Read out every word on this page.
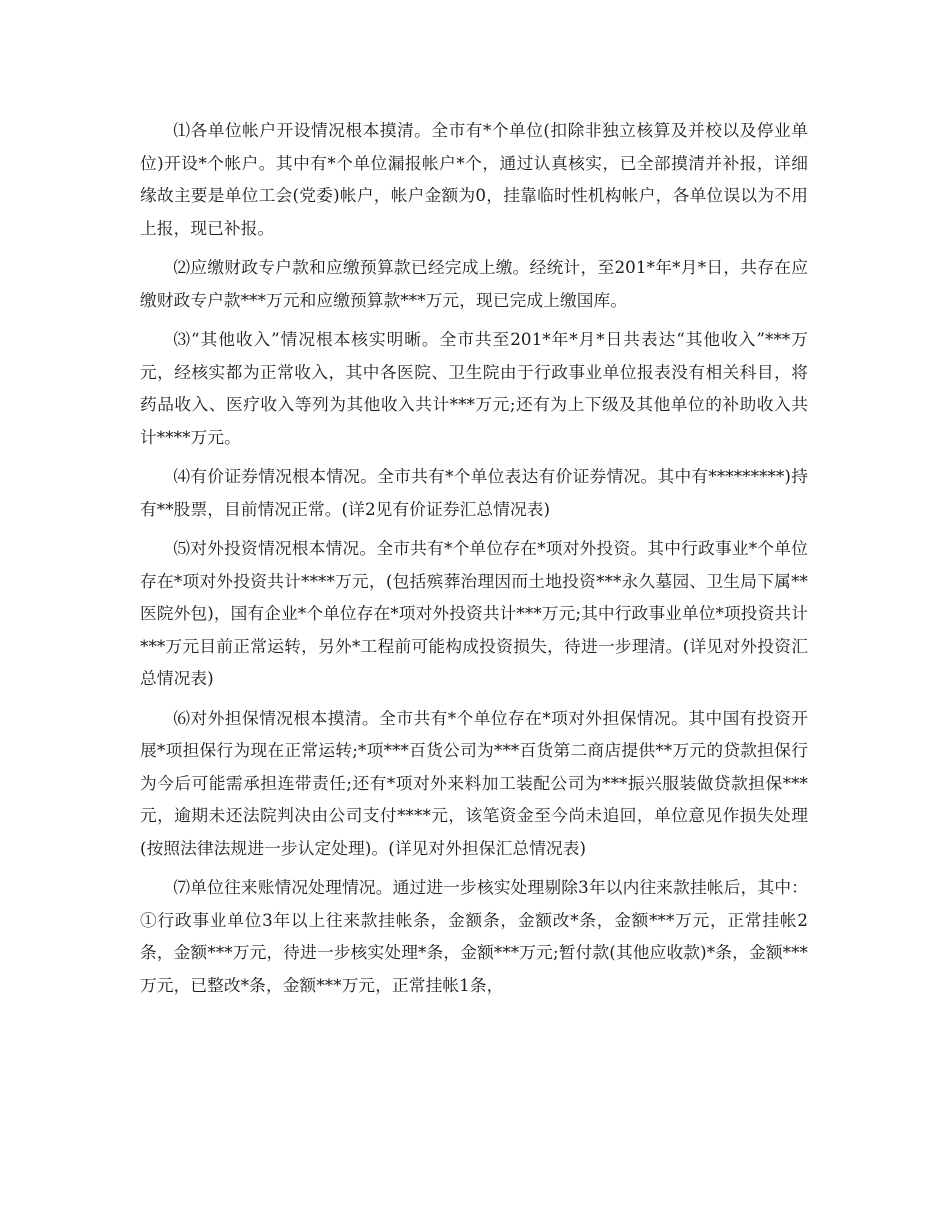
⑴各单位帐户开设情况根本摸清。全市有*个单位(扣除非独立核算及并校以及停业单位)开设*个帐户。其中有*个单位漏报帐户*个，通过认真核实，已全部摸清并补报，详细缘故主要是单位工会(党委)帐户，帐户金额为0，挂靠临时性机构帐户，各单位误以为不用上报，现已补报。

⑵应缴财政专户款和应缴预算款已经完成上缴。经统计，至201*年*月*日，共存在应缴财政专户款***万元和应缴预算款***万元，现已完成上缴国库。

⑶“其他收入”情况根本核实明晰。全市共至201*年*月*日共表达“其他收入”***万元，经核实都为正常收入，其中各医院、卫生院由于行政事业单位报表没有相关科目，将药品收入、医疗收入等列为其他收入共计***万元;还有为上下级及其他单位的补助收入共计****万元。

⑷有价证券情况根本情况。全市共有*个单位表达有价证券情况。其中有*********)持有**股票，目前情况正常。(详2见有价证券汇总情况表)

⑸对外投资情况根本情况。全市共有*个单位存在*项对外投资。其中行政事业*个单位存在*项对外投资共计****万元，(包括殡葬治理因而土地投资***永久墓园、卫生局下属**医院外包)，国有企业*个单位存在*项对外投资共计***万元;其中行政事业单位*项投资共计***万元目前正常运转，另外*工程前可能构成投资损失，待进一步理清。(详见对外投资汇总情况表)

⑹对外担保情况根本摸清。全市共有*个单位存在*项对外担保情况。其中国有投资开展*项担保行为现在正常运转;*项***百货公司为***百货第二商店提供**万元的贷款担保行为今后可能需承担连带责任;还有*项对外来料加工装配公司为***振兴服装做贷款担保***元，逾期未还法院判决由公司支付****元，该笔资金至今尚未追回，单位意见作损失处理(按照法律法规进一步认定处理)。(详见对外担保汇总情况表)

⑺单位往来账情况处理情况。通过进一步核实处理剔除3年以内往来款挂帐后，其中：①行政事业单位3年以上往来款挂帐条，金额条，金额改*条，金额***万元，正常挂帐2条，金额***万元，待进一步核实处理*条，金额***万元;暂付款(其他应收款)*条，金额***万元，已整改*条，金额***万元，正常挂帐1条，
